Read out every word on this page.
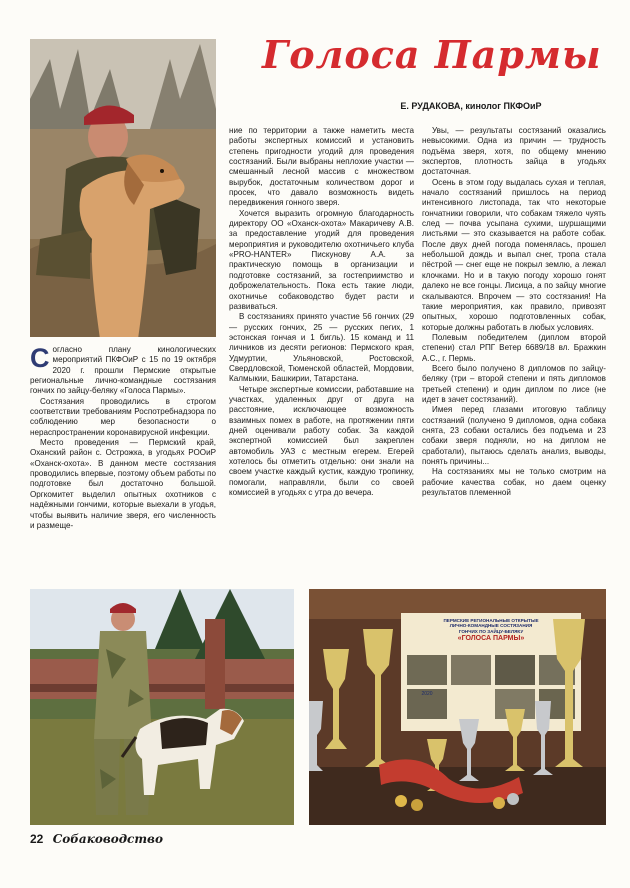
Голоса Пармы
Е. РУДАКОВА, кинолог ПКФОиР

Согласно плану кинологических мероприятий ПКФОиР с 15 по 19 октября 2020 г. прошли Пермские открытые региональные лично-командные состязания гончих по зайцу-беляку «Голоса Пармы».

Состязания проводились в строгом соответствии требованиям Роспотребнадзора по соблюдению мер безопасности о нераспространении коронавирусной инфекции.

Место проведения — Пермский край, Оханский район с. Острожка, в угодьях РООиР «Оханск-охота». В данном месте состязания проводились впервые, поэтому объем работы по подготовке был достаточно большой. Оргкомитет выделил опытных охотников с надёжными гончими, которые выехали в угодья, чтобы выявить наличие зверя, его численность и размеще-

ние по территории а также наметить места работы экспертных комиссий и установить степень пригодности угодий для проведения состязаний. Были выбраны неплохие участки — смешанный лесной массив с множеством вырубок, достаточным количеством дорог и просек, что давало возможность видеть передвижения гонного зверя.

Хочется выразить огромную благодарность директору ОО «Оханск-охота» Макаричеву А.В. за предоставление угодий для проведения мероприятия и руководителю охотничьего клуба «PRO-HANTER» Пискунову А.А. за практическую помощь в организации и подготовке состязаний, за гостеприимство и доброжелательность. Пока есть такие люди, охотничье собаководство будет расти и развиваться.

В состязаниях принято участие 56 гончих (29 — русских гончих, 25 — русских пегих, 1 эстонская гончая и 1 бигль). 15 команд и 11 личников из десяти регионов: Пермского края, Удмуртии, Ульяновской, Ростовской, Свердловской, Тюменской областей, Мордовии, Калмыкии, Башкирии, Татарстана.

Четыре экспертные комиссии, работавшие на участках, удаленных друг от друга на расстояние, исключающее возможность взаимных помех в работе, на протяжении пяти дней оценивали работу собак. За каждой экспертной комиссией был закреплен автомобиль УАЗ с местным егерем. Егерей хотелось бы отметить отдельно: они знали на своем участке каждый кустик, каждую тропинку, помогали, направляли, были со своей комиссией в угодьях с утра до вечера.

Увы, — результаты состязаний оказались невысокими. Одна из причин — трудность подъёма зверя, хотя, по общему мнению экспертов, плотность зайца в угодьях достаточная.

Осень в этом году выдалась сухая и теплая, начало состязаний пришлось на период интенсивного листопада, так что некоторые гончатники говорили, что собакам тяжело чуять след — почва усыпана сухими, шуршащими листьями — это сказывается на работе собак. После двух дней погода поменялась, прошел небольшой дождь и выпал снег, тропа стала пёстрой — снег еще не покрыл землю, а лежал клочками. Но и в такую погоду хорошо гонят далеко не все гонцы. Лисица, а по зайцу многие скалываются. Впрочем — это состязания! На такие мероприятия, как правило, привозят опытных, хорошо подготовленных собак, которые должны работать в любых условиях.

Полевым победителем (диплом второй степени) стал РПГ Ветер 6689/18 вл. Бражкин А.С., г. Пермь.

Всего было получено 8 дипломов по зайцу-беляку (три – второй степени и пять дипломов третьей степени) и один диплом по лисе (не идет в зачет состязаний).

Имея перед глазами итоговую таблицу состязаний (получено 9 дипломов, одна собака снята, 23 собаки остались без подъема и 23 собаки зверя подняли, но на диплом не сработали), пытаюсь сделать анализ, выводы, понять причины...

На состязаниях мы не только смотрим на рабочие качества собак, но даем оценку результатов племенной

ПЕРМСКИЕ РЕГИОНАЛЬНЫЕ ОТКРЫТЫЕ
ЛИЧНО-КОМАНДНЫЕ СОСТЯЗАНИЯ
ГОНЧИХ ПО ЗАЙЦУ-БЕЛЯКУ
«ГОЛОСА ПАРМЫ»
2020
22 Собаководство
